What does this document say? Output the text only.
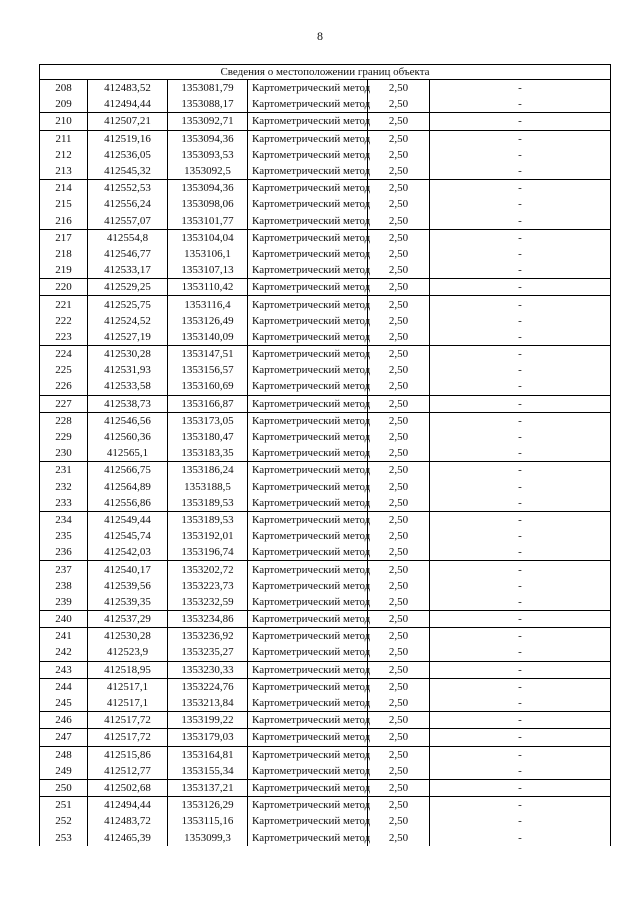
8
Сведения о местоположении границ объекта					
208	412483,52	1353081,79	Картометрический метод	2,50	-
209	412494,44	1353088,17	Картометрический метод	2,50	-
210	412507,21	1353092,71	Картометрический метод	2,50	-
211	412519,16	1353094,36	Картометрический метод	2,50	-
212	412536,05	1353093,53	Картометрический метод	2,50	-
213	412545,32	1353092,5	Картометрический метод	2,50	-
214	412552,53	1353094,36	Картометрический метод	2,50	-
215	412556,24	1353098,06	Картометрический метод	2,50	-
216	412557,07	1353101,77	Картометрический метод	2,50	-
217	412554,8	1353104,04	Картометрический метод	2,50	-
218	412546,77	1353106,1	Картометрический метод	2,50	-
219	412533,17	1353107,13	Картометрический метод	2,50	-
220	412529,25	1353110,42	Картометрический метод	2,50	-
221	412525,75	1353116,4	Картометрический метод	2,50	-
222	412524,52	1353126,49	Картометрический метод	2,50	-
223	412527,19	1353140,09	Картометрический метод	2,50	-
224	412530,28	1353147,51	Картометрический метод	2,50	-
225	412531,93	1353156,57	Картометрический метод	2,50	-
226	412533,58	1353160,69	Картометрический метод	2,50	-
227	412538,73	1353166,87	Картометрический метод	2,50	-
228	412546,56	1353173,05	Картометрический метод	2,50	-
229	412560,36	1353180,47	Картометрический метод	2,50	-
230	412565,1	1353183,35	Картометрический метод	2,50	-
231	412566,75	1353186,24	Картометрический метод	2,50	-
232	412564,89	1353188,5	Картометрический метод	2,50	-
233	412556,86	1353189,53	Картометрический метод	2,50	-
234	412549,44	1353189,53	Картометрический метод	2,50	-
235	412545,74	1353192,01	Картометрический метод	2,50	-
236	412542,03	1353196,74	Картометрический метод	2,50	-
237	412540,17	1353202,72	Картометрический метод	2,50	-
238	412539,56	1353223,73	Картометрический метод	2,50	-
239	412539,35	1353232,59	Картометрический метод	2,50	-
240	412537,29	1353234,86	Картометрический метод	2,50	-
241	412530,28	1353236,92	Картометрический метод	2,50	-
242	412523,9	1353235,27	Картометрический метод	2,50	-
243	412518,95	1353230,33	Картометрический метод	2,50	-
244	412517,1	1353224,76	Картометрический метод	2,50	-
245	412517,1	1353213,84	Картометрический метод	2,50	-
246	412517,72	1353199,22	Картометрический метод	2,50	-
247	412517,72	1353179,03	Картометрический метод	2,50	-
248	412515,86	1353164,81	Картометрический метод	2,50	-
249	412512,77	1353155,34	Картометрический метод	2,50	-
250	412502,68	1353137,21	Картометрический метод	2,50	-
251	412494,44	1353126,29	Картометрический метод	2,50	-
252	412483,72	1353115,16	Картометрический метод	2,50	-
253	412465,39	1353099,3	Картометрический метод	2,50	-
